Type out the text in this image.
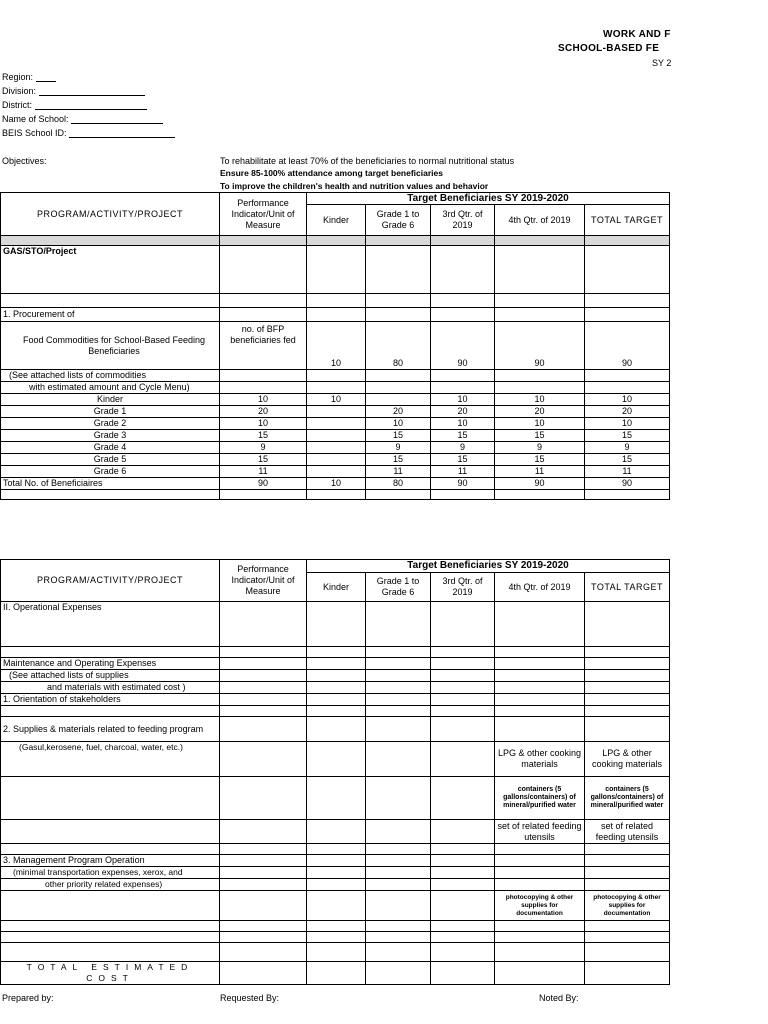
WORK AND F
SCHOOL-BASED FE
SY 2
Region:
Division:
District:
Name of School:
BEIS School ID:
Objectives:	To rehabilitate at least 70% of the beneficiaries to normal nutritional status
Ensure 85-100% attendance among target beneficiaries
To improve the children's health and nutrition values and behavior
PROGRAM/ACTIVITY/PROJECT	Performance Indicator/Unit of Measure	Target Beneficiaries SY 2019-2020				
		Kinder	Grade 1 to Grade 6	3rd Qtr. of 2019	4th Qtr. of 2019	TOTAL TARGET

GAS/STO/Project						

1. Procurement of						
Food Commodities for School-Based Feeding Beneficiaries	no. of BFP beneficiaries fed	10	80	90	90	90
(See attached lists of commodities						
with estimated amount and Cycle Menu)						
Kinder	10	10		10	10	10
Grade 1	20		20	20	20	20
Grade 2	10		10	10	10	10
Grade 3	15		15	15	15	15
Grade 4	9		9	9	9	9
Grade 5	15		15	15	15	15
Grade 6	11		11	11	11	11
Total No. of Beneficiaires	90	10	80	90	90	90

PROGRAM/ACTIVITY/PROJECT	Performance Indicator/Unit of Measure	Target Beneficiaries SY 2019-2020				
		Kinder	Grade 1 to Grade 6	3rd Qtr. of 2019	4th Qtr. of 2019	TOTAL TARGET
II. Operational Expenses						

Maintenance and Operating Expenses						
(See attached lists of supplies						
and materials with estimated cost )						
1. Orientation of stakeholders						

2. Supplies & materials related to feeding program						
(Gasul,kerosene, fuel, charcoal, water, etc.)					LPG & other cooking materials	LPG & other cooking materials
					containers (5 gallons/containers) of mineral/purified water	containers (5 gallons/containers) of mineral/purified water
					set of related feeding utensils	set of related feeding utensils

3. Management Program Operation						
(minimal transportation expenses, xerox, and						
other priority related expenses)						
					photocopying & other supplies for documentation	photocopying & other supplies for documentation

TOTAL ESTIMATED COST						
Prepared by:	Requested By:	Noted By:
